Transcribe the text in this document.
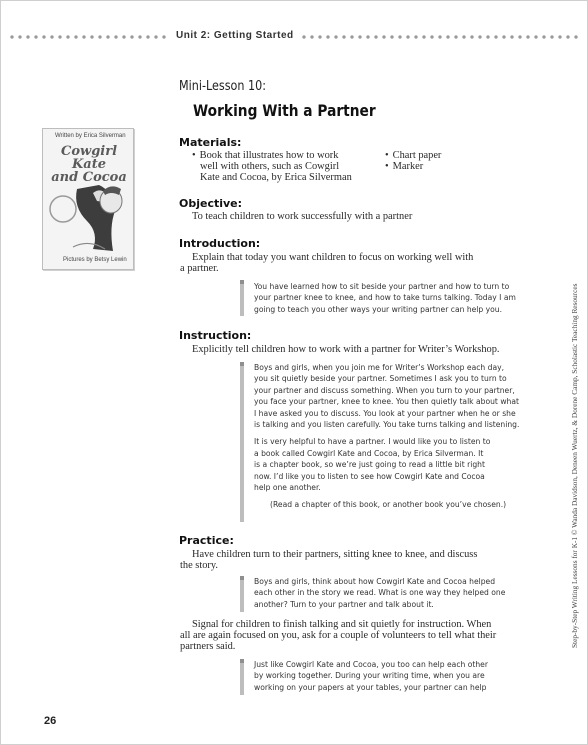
Unit 2: Getting Started
Mini-Lesson 10:
Working With a Partner
Written by Erica Silverman
Cowgirl Kate
and Cocoa
Pictures by Betsy Lewin
Materials:
• Book that illustrates how to work
well with others, such as Cowgirl
Kate and Cocoa, by Erica Silverman
• Chart paper
• Marker
Objective:
To teach children to work successfully with a partner
Introduction:
Explain that today you want children to focus on working well with
a partner.

You have learned how to sit beside your partner and how to turn to

your partner knee to knee, and how to take turns talking. Today I am

going to teach you other ways your writing partner can help you.

Instruction:
Explicitly tell children how to work with a partner for Writer’s Workshop.

Boys and girls, when you join me for Writer’s Workshop each day,

you sit quietly beside your partner. Sometimes I ask you to turn to

your partner and discuss something. When you turn to your partner,

you face your partner, knee to knee. You then quietly talk about what

I have asked you to discuss. You look at your partner when he or she

is talking and you listen carefully. You take turns talking and listening.

It is very helpful to have a partner. I would like you to listen to

a book called Cowgirl Kate and Cocoa, by Erica Silverman. It

is a chapter book, so we’re just going to read a little bit right

now. I’d like you to listen to see how Cowgirl Kate and Cocoa

help one another.

(Read a chapter of this book, or another book you’ve chosen.)

Practice:
Have children turn to their partners, sitting knee to knee, and discuss
the story.

Boys and girls, think about how Cowgirl Kate and Cocoa helped

each other in the story we read. What is one way they helped one

another? Turn to your partner and talk about it.

Signal for children to finish talking and sit quietly for instruction. When
all are again focused on you, ask for a couple of volunteers to tell what their
partners said.

Just like Cowgirl Kate and Cocoa, you too can help each other

by working together. During your writing time, when you are

working on your papers at your tables, your partner can help

Step-by-Step Writing Lessons for K-1 © Wanda Davidson, Deneen Wuertz, & Dorene Camp, Scholastic Teaching Resources
26
